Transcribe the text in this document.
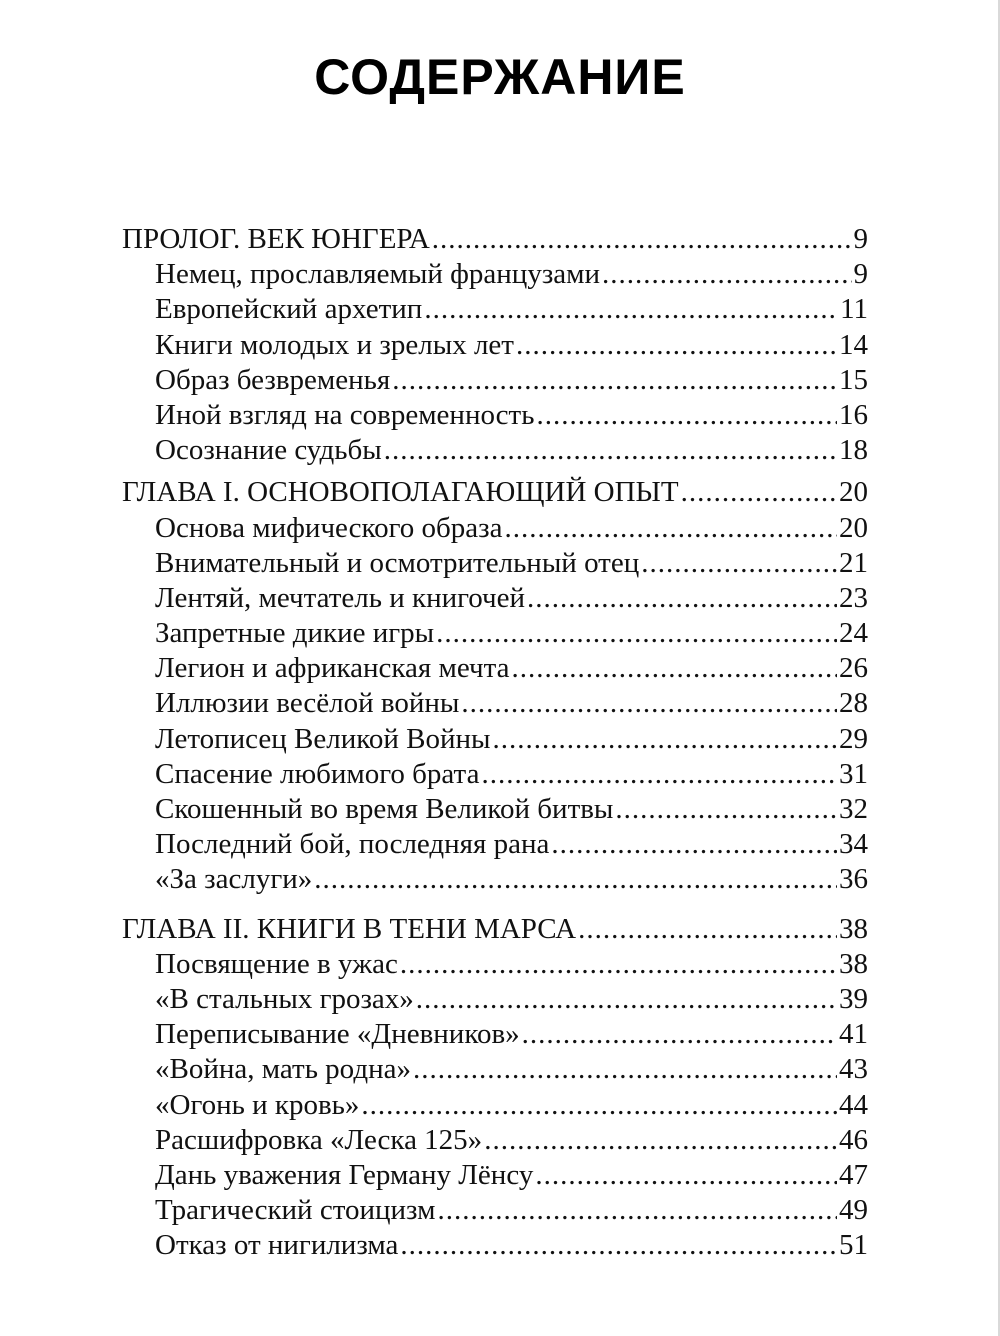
СОДЕРЖАНИЕ
ПРОЛОГ. ВЕК ЮНГЕРА .....	9
Немец, прославляемый французами .....	9
Европейский архетип .....	11
Книги молодых и зрелых лет .....	14
Образ безвременья .....	15
Иной взгляд на современность .....	16
Осознание судьбы .....	18
ГЛАВА I. ОСНОВОПОЛАГАЮЩИЙ ОПЫТ .....	20
Основа мифического образа .....	20
Внимательный и осмотрительный отец .....	21
Лентяй, мечтатель и книгочей .....	23
Запретные дикие игры .....	24
Легион и африканская мечта .....	26
Иллюзии весёлой войны .....	28
Летописец Великой Войны .....	29
Спасение любимого брата .....	31
Скошенный во время Великой битвы .....	32
Последний бой, последняя рана .....	34
«За заслуги» .....	36
ГЛАВА II. КНИГИ В ТЕНИ МАРСА .....	38
Посвящение в ужас .....	38
«В стальных грозах» .....	39
Переписывание «Дневников» .....	41
«Война, мать родна» .....	43
«Огонь и кровь» .....	44
Расшифровка «Леска 125» .....	46
Дань уважения Герману Лёнсу .....	47
Трагический стоицизм .....	49
Отказ от нигилизма .....	51
